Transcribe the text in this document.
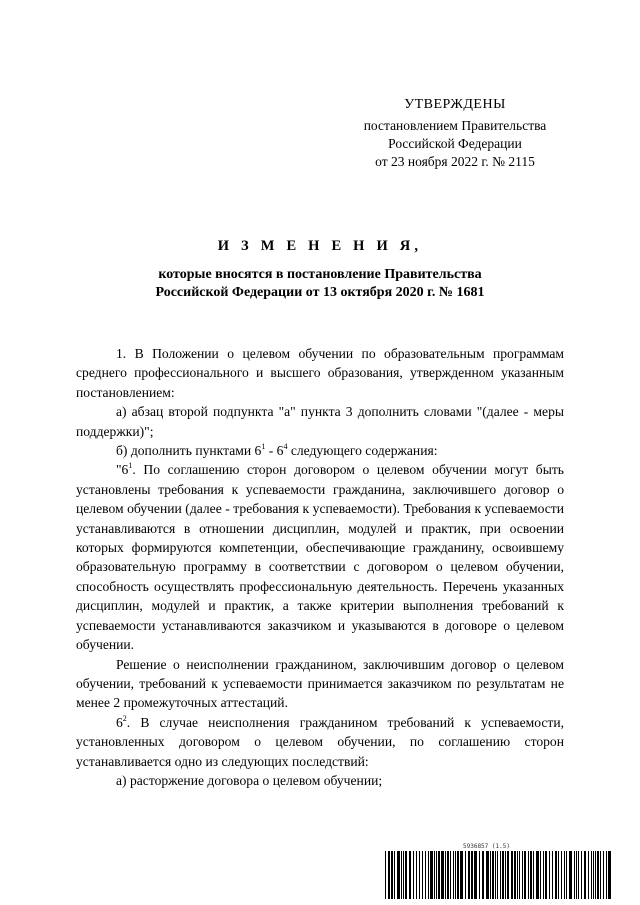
УТВЕРЖДЕНЫ
постановлением Правительства
Российской Федерации
от 23 ноября 2022 г. № 2115
И З М Е Н Е Н И Я,
которые вносятся в постановление Правительства
Российской Федерации от 13 октября 2020 г. № 1681

1. В Положении о целевом обучении по образовательным программам среднего профессионального и высшего образования, утвержденном указанным постановлением:

а) абзац второй подпункта "а" пункта 3 дополнить словами "(далее - меры поддержки)";

б) дополнить пунктами $6^1 - 6^4$ следующего содержания:

"$6^1$. По соглашению сторон договором о целевом обучении могут быть установлены требования к успеваемости гражданина, заключившего договор о целевом обучении (далее - требования к успеваемости). Требования к успеваемости устанавливаются в отношении дисциплин, модулей и практик, при освоении которых формируются компетенции, обеспечивающие гражданину, освоившему образовательную программу в соответствии с договором о целевом обучении, способность осуществлять профессиональную деятельность. Перечень указанных дисциплин, модулей и практик, а также критерии выполнения требований к успеваемости устанавливаются заказчиком и указываются в договоре о целевом обучении.

Решение о неисполнении гражданином, заключившим договор о целевом обучении, требований к успеваемости принимается заказчиком по результатам не менее 2 промежуточных аттестаций.

$6^2$. В случае неисполнения гражданином требований к успеваемости, установленных договором о целевом обучении, по соглашению сторон устанавливается одно из следующих последствий:

а) расторжение договора о целевом обучении;

5936857 (1.5)
